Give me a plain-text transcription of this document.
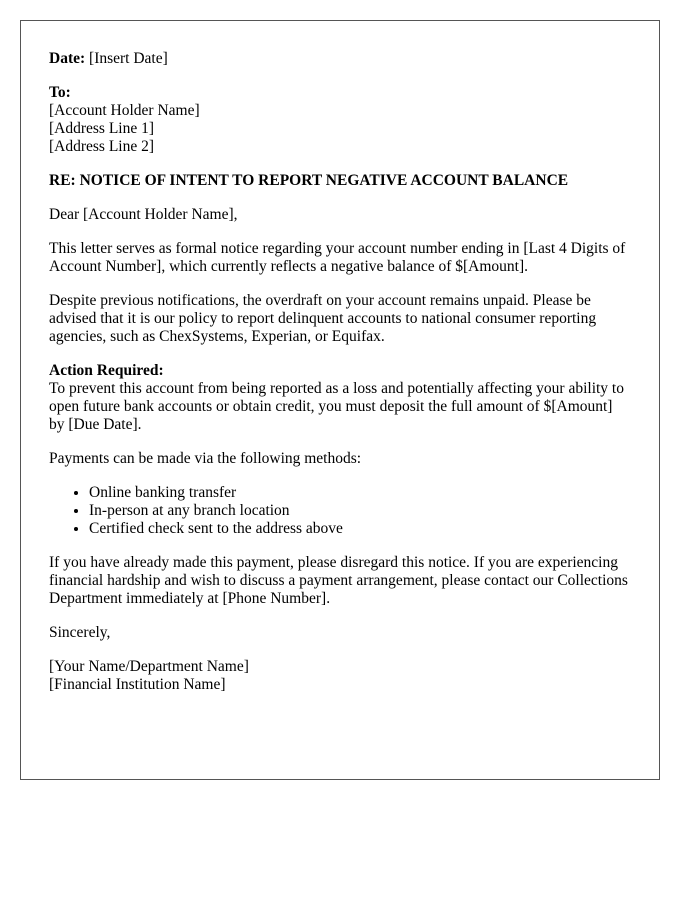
Date: [Insert Date]

To:
[Account Holder Name]
[Address Line 1]
[Address Line 2]

RE: NOTICE OF INTENT TO REPORT NEGATIVE ACCOUNT BALANCE

Dear [Account Holder Name],

This letter serves as formal notice regarding your account number ending in [Last 4 Digits of Account Number], which currently reflects a negative balance of $[Amount].

Despite previous notifications, the overdraft on your account remains unpaid. Please be advised that it is our policy to report delinquent accounts to national consumer reporting agencies, such as ChexSystems, Experian, or Equifax.

Action Required:
To prevent this account from being reported as a loss and potentially affecting your ability to open future bank accounts or obtain credit, you must deposit the full amount of $[Amount] by [Due Date].

Payments can be made via the following methods:

• Online banking transfer
• In-person at any branch location
• Certified check sent to the address above

If you have already made this payment, please disregard this notice. If you are experiencing financial hardship and wish to discuss a payment arrangement, please contact our Collections Department immediately at [Phone Number].

Sincerely,

[Your Name/Department Name]
[Financial Institution Name]
